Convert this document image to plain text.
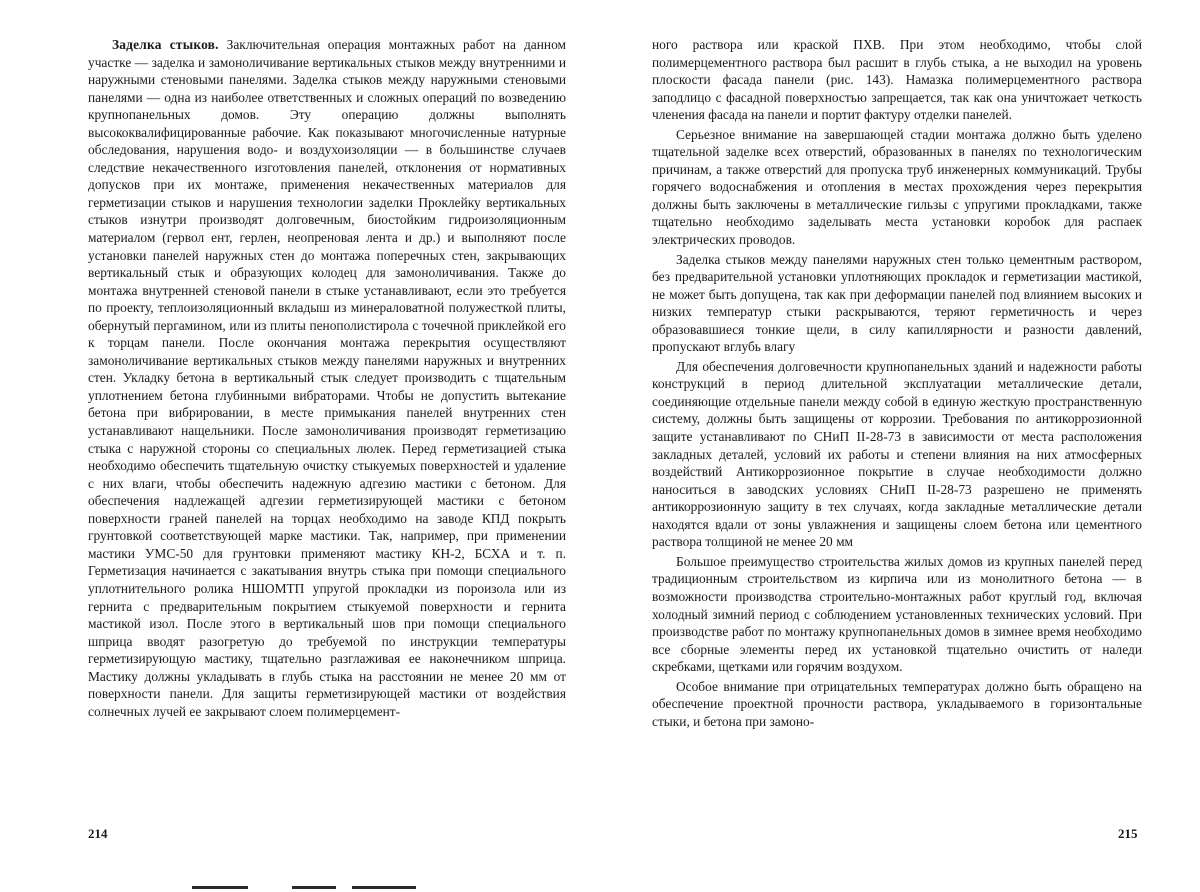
Заделка стыков. Заключительная операция монтажных работ на данном участке — заделка и замоноличивание вертикальных стыков между внутренними и наружными стеновыми панелями. Заделка стыков между наружными стеновыми панелями — одна из наиболее ответственных и сложных операций по возведению крупнопанельных домов. Эту операцию должны выполнять высококвалифицированные рабочие. Как показывают многочисленные натурные обследования, нарушения водо- и воздухоизоляции — в большинстве случаев следствие некачественного изготовления панелей, отклонения от нормативных допусков при их монтаже, применения некачественных материалов для герметизации стыков и нарушения технологии заделки Проклейку вертикальных стыков изнутри производят долговечным, биостойким гидроизоляционным материалом (гервол ент, герлен, неопреновая лента и др.) и выполняют после установки панелей наружных стен до монтажа поперечных стен, закрывающих вертикальный стык и образующих колодец для замоноличивания. Также до монтажа внутренней стеновой панели в стыке устанавливают, если это требуется по проекту, теплоизоляционный вкладыш из минераловатной полужесткой плиты, обернутый пергамином, или из плиты пенополистирола с точечной приклейкой его к торцам панели. После окончания монтажа перекрытия осуществляют замоноличивание вертикальных стыков между панелями наружных и внутренних стен. Укладку бетона в вертикальный стык следует производить с тщательным уплотнением бетона глубинными вибраторами. Чтобы не допустить вытекание бетона при вибрировании, в месте примыкания панелей внутренних стен устанавливают нащельники. После замоноличивания производят герметизацию стыка с наружной стороны со специальных люлек. Перед герметизацией стыка необходимо обеспечить тщательную очистку стыкуемых поверхностей и удаление с них влаги, чтобы обеспечить надежную адгезию мастики с бетоном. Для обеспечения надлежащей адгезии герметизирующей мастики с бетоном поверхности граней панелей на торцах необходимо на заводе КПД покрыть грунтовкой соответствующей марке мастики. Так, например, при применении мастики УМС-50 для грунтовки применяют мастику КН-2, БСХА и т. п. Герметизация начинается с закатывания внутрь стыка при помощи специального уплотнительного ролика НШОМТП упругой прокладки из пороизола или из гернита с предварительным покрытием стыкуемой поверхности и гернита мастикой изол. После этого в вертикальный шов при помощи специального шприца вводят разогретую до требуемой по инструкции температуры герметизирующую мастику, тщательно разглаживая ее наконечником шприца. Мастику должны укладывать в глубь стыка на расстоянии не менее 20 мм от поверхности панели. Для защиты герметизирующей мастики от воздействия солнечных лучей ее закрывают слоем полимерцемент-

214

ного раствора или краской ПХВ. При этом необходимо, чтобы слой полимерцементного раствора был расшит в глубь стыка, а не выходил на уровень плоскости фасада панели (рис. 143). Намазка полимерцементного раствора заподлицо с фасадной поверхностью запрещается, так как она уничтожает четкость членения фасада на панели и портит фактуру отделки панелей.

Серьезное внимание на завершающей стадии монтажа должно быть уделено тщательной заделке всех отверстий, образованных в панелях по технологическим причинам, а также отверстий для пропуска труб инженерных коммуникаций. Трубы горячего водоснабжения и отопления в местах прохождения через перекрытия должны быть заключены в металлические гильзы с упругими прокладками, также тщательно необходимо заделывать места установки коробок для распаек электрических проводов.

Заделка стыков между панелями наружных стен только цементным раствором, без предварительной установки уплотняющих прокладок и герметизации мастикой, не может быть допущена, так как при деформации панелей под влиянием высоких и низких температур стыки раскрываются, теряют герметичность и через образовавшиеся тонкие щели, в силу капиллярности и разности давлений, пропускают вглубь влагу

Для обеспечения долговечности крупнопанельных зданий и надежности работы конструкций в период длительной эксплуатации металлические детали, соединяющие отдельные панели между собой в единую жесткую пространственную систему, должны быть защищены от коррозии. Требования по антикоррозионной защите устанавливают по СНиП II-28-73 в зависимости от места расположения закладных деталей, условий их работы и степени влияния на них атмосферных воздействий Антикоррозионное покрытие в случае необходимости должно наноситься в заводских условиях СНиП II-28-73 разрешено не применять антикоррозионную защиту в тех случаях, когда закладные металлические детали находятся вдали от зоны увлажнения и защищены слоем бетона или цементного раствора толщиной не менее 20 мм

Большое преимущество строительства жилых домов из крупных панелей перед традиционным строительством из кирпича или из монолитного бетона — в возможности производства строительно-монтажных работ круглый год, включая холодный зимний период с соблюдением установленных технических условий. При производстве работ по монтажу крупнопанельных домов в зимнее время необходимо все сборные элементы перед их установкой тщательно очистить от наледи скребками, щетками или горячим воздухом.

Особое внимание при отрицательных температурах должно быть обращено на обеспечение проектной прочности раствора, укладываемого в горизонтальные стыки, и бетона при замоно-

215
